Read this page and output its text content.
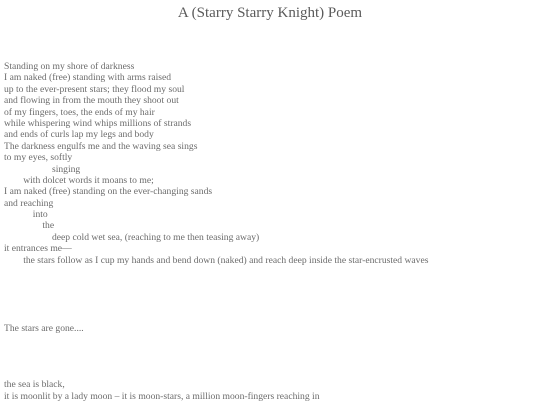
A (Starry Starry Knight) Poem
Standing on my shore of darkness
I am naked (free) standing with arms raised
up to the ever-present stars; they flood my soul
and flowing in from the mouth they shoot out
of my fingers, toes, the ends of my hair
while whispering wind whips millions of strands
and ends of curls lap my legs and body
The darkness engulfs me and the waving sea sings
to my eyes, softly
singing
with dolcet words it moans to me;
I am naked (free) standing on the ever-changing sands
and reaching
into
the
deep cold wet sea, (reaching to me then teasing away)
it entrances me—
the stars follow as I cup my hands and bend down (naked) and reach deep inside the star-encrusted waves
The stars are gone....
the sea is black,
it is moonlit by a lady moon – it is moon-stars, a million moon-fingers reaching in
